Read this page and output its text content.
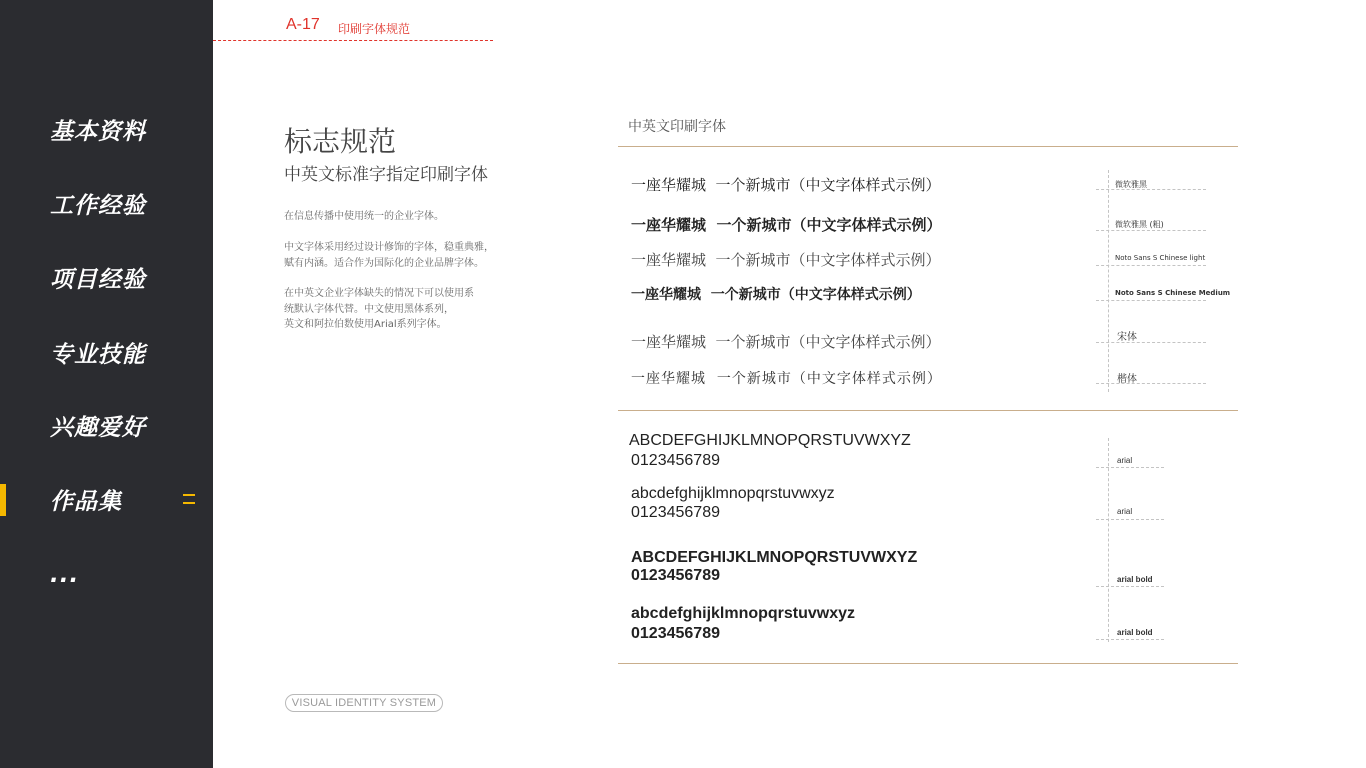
基本资料
工作经验
项目经验
专业技能
兴趣爱好
作品集
...
A-17 印刷字体规范
标志规范
中英文标准字指定印刷字体
在信息传播中使用统一的企业字体。
中文字体采用经过设计修饰的字体，稳重典雅，
赋有内涵。适合作为国际化的企业品牌字体。
在中英文企业字体缺失的情况下可以使用系
统默认字体代替。中文使用黑体系列，
英文和阿拉伯数使用Arial系列字体。
VISUAL IDENTITY SYSTEM
中英文印刷字体
一座华耀城  一个新城市（中文字体样式示例）	微软雅黑
一座华耀城  一个新城市（中文字体样式示例）	微软雅黑 (粗)
一座华耀城  一个新城市（中文字体样式示例）	Noto Sans S Chinese light
一座华耀城  一个新城市（中文字体样式示例）	Noto Sans S Chinese Medium
一座华耀城  一个新城市（中文字体样式示例）	宋体
一座华耀城  一个新城市（中文字体样式示例）	楷体
ABCDEFGHIJKLMNOPQRSTUVWXYZ
0123456789	arial
abcdefghijklmnopqrstuvwxyz
0123456789	arial
ABCDEFGHIJKLMNOPQRSTUVWXYZ
0123456789	arial bold
abcdefghijklmnopqrstuvwxyz
0123456789	arial bold
